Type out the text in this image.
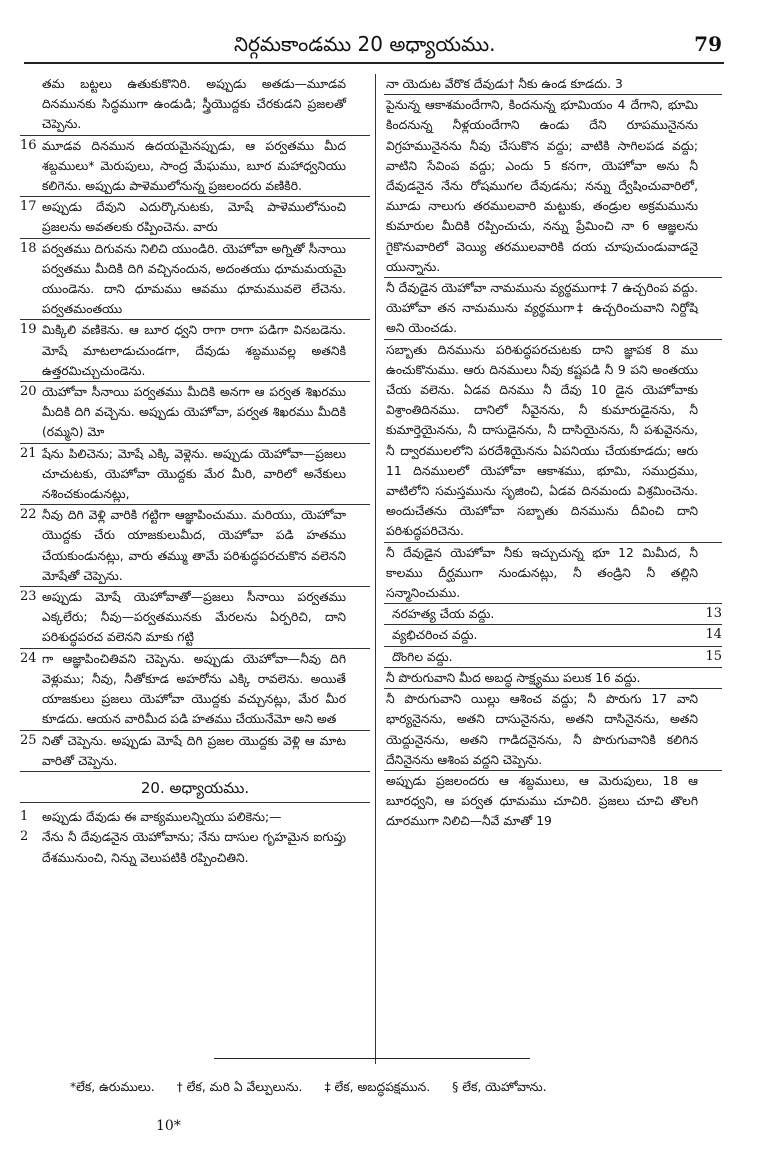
నిర్గమకాండము 20 అధ్యాయము.	79
తమ బట్టలు ఉతుకుకొనిరి. అప్పుడు అతడు—మూడవ దినమునకు సిద్ధముగా ఉండుడి; స్త్రీయొద్దకు చేరకుడని ప్రజలతో చెప్పెను.
16 మూడవ దినమున ఉదయమైనప్పుడు, ఆ పర్వతము మీద శబ్దములు* మెరుపులు, సాంద్ర మేఘము, బూర మహాధ్వనియు కలిగెను. అప్పుడు పాళెములోనున్న ప్రజలందరు వణికిరి.
17 అప్పుడు దేవుని ఎదుర్కొనుటకు, మోషే పాళెములోనుంచి ప్రజలను అవతలకు రప్పించెను. వారు
18 పర్వతము దిగువను నిలిచి యుండిరి. యెహోవా అగ్నితో సీనాయి పర్వతము మీదికి దిగి వచ్చినందున, అదంతయు ధూమమయమై యుండెను. దాని ధూమము ఆవము ధూమమువలె లేచెను. పర్వతమంతయు
19 మిక్కిలి వణికెను. ఆ బూర ధ్వని రాగా రాగా పడిగా వినబడెను. మోషే మాటలాడుచుండగా, దేవుడు శబ్దమువల్ల అతనికి ఉత్తరమిచ్చుచుండెను.
20 యెహోవా సీనాయి పర్వతము మీదికి అనగా ఆ పర్వత శిఖరము మీదికి దిగి వచ్చెను. అప్పుడు యెహోవా, పర్వత శిఖరము మీదికి (రమ్మని) మో
21 షేను పిలిచెను; మోషే ఎక్కి వెళ్లెను. అప్పుడు యెహోవా—ప్రజలు చూచుటకు, యెహోవా యొద్దకు మేర మీరి, వారిలో అనేకులు నశించకుండునట్లు,
22 నీవు దిగి వెళ్లి వారికి గట్టిగా ఆజ్ఞాపించుము. మరియు, యెహోవా యొద్దకు చేరు యాజకులుమీద, యెహోవా పడి హతము చేయకుండునట్లు, వారు తమ్ము తామే పరిశుద్ధపరచుకొన వలెనని మోషేతో చెప్పెను.
23 అప్పుడు మోషే యెహోవాతో—ప్రజలు సీనాయి పర్వతము ఎక్కలేరు; నీవు—పర్వతమునకు మేరలను ఏర్పరిచి, దాని పరిశుద్ధపరచ వలెనని మాకు గట్టి
24 గా ఆజ్ఞాపించితివని చెప్పెను. అప్పుడు యెహోవా—నీవు దిగి వెళ్లుము; నీవు, నీతోకూడ అహరోను ఎక్కి రావలెను. అయితే యాజకులు ప్రజలు యెహోవా యొద్దకు వచ్చునట్లు, మేర మీర కూడదు. ఆయన వారిమీద పడి హతము చేయునేమో అని అత
25 నితో చెప్పెను. అప్పుడు మోషే దిగి ప్రజల యొద్దకు వెళ్లి ఆ మాట వారితో చెప్పెను.
20. అధ్యాయము.
1	అప్పుడు దేవుడు ఈ వాక్యములన్నియు పలికెను;—
2	నేను నీ దేవుడనైన యెహోవాను; నేను దాసుల గృహమైన ఐగుప్తు దేశమునుంచి, నిన్ను వెలుపటికి రప్పించితిని.
నా యెదుట వేరొక దేవుడు† నీకు ఉండ కూడదు. 3
పైనున్న ఆకాశమందేగాని, కిందనున్న భూమియం 4 దేగాని, భూమి కిందనున్న నీళ్లయందేగాని ఉండు దేని రూపమునైనను విగ్రహమునైనను నీవు చేసుకొన వద్దు; వాటికి సాగిలపడ వద్దు; వాటిని సేవింప వద్దు; ఎందు 5 కనగా, యెహోవా అను నీ దేవుడనైన నేను రోషముగల దేవుడను; నన్ను ద్వేషించువారిలో, మూడు నాలుగు తరములవారి మట్టుకు, తండ్రుల అక్రమమును కుమారుల మీదికి రప్పించుచు, నన్ను ప్రేమించి నా 6 ఆజ్ఞలను గైకొనువారిలో వెయ్యి తరములవారికి దయ చూపుచుండువాడనై యున్నాను.
నీ దేవుడైన యెహోవా నామమును వ్యర్థముగా‡ 7 ఉచ్చరింప వద్దు. యెహోవా తన నామమును వ్యర్థముగా‡ ఉచ్చరించువాని నిర్దోషి అని యెంచడు.
సబ్బాతు దినమును పరిశుద్ధపరచుటకు దాని జ్ఞాపక 8 ము ఉంచుకొనుము. ఆరు దినములు నీవు కష్టపడి నీ 9 పని అంతయు చేయ వలెను. ఏడవ దినము నీ దేవు 10 డైన యెహోవాకు విశ్రాంతిదినము. దానిలో నీవైనను, నీ కుమారుడైనను, నీ కుమార్తెయైనను, నీ దాసుడైనను, నీ దాసియైనను, నీ పశువైనను, నీ ద్వారములలోని పరదేశియైనను ఏపనియు చేయకూడదు; ఆరు 11 దినములలో యెహోవా ఆకాశము, భూమి, సముద్రము, వాటిలోని సమస్తమును సృజించి, ఏడవ దినమందు విశ్రమించెను. అందుచేతను యెహోవా సబ్బాతు దినమును దీవించి దాని పరిశుద్ధపరిచెను.
నీ దేవుడైన యెహోవా నీకు ఇచ్చుచున్న భూ 12 మిమీద, నీ కాలము దీర్ఘముగా నుండునట్లు, నీ తండ్రిని నీ తల్లిని సన్మానించుము.
నరహత్య చేయ వద్దు.	13
వ్యభిచరించ వద్దు.	14
దొంగిల వద్దు.	15
నీ పొరుగువాని మీద అబద్ధ సాక్ష్యము పలుక 16 వద్దు.
నీ పొరుగువాని యిల్లు ఆశించ వద్దు; నీ పొరుగు 17 వాని భార్యనైనను, అతని దాసునైనను, అతని దాసినైనను, అతని యెద్దునైనను, అతని గాడిదనైనను, నీ పొరుగువానికి కలిగిన దేనినైనను ఆశింప వద్దని చెప్పెను.
అప్పుడు ప్రజలందరు ఆ శబ్దములు, ఆ మెరుపులు, 18 ఆ బూరధ్వని, ఆ పర్వత ధూమము చూచిరి. ప్రజలు చూచి తొలగి దూరముగా నిలిచి—నీవే మాతో 19
*లేక, ఉరుములు. † లేక, మరి ఏ వేల్పులును. ‡ లేక, అబద్ధపక్షమున. § లేక, యెహోవాను.
10*
